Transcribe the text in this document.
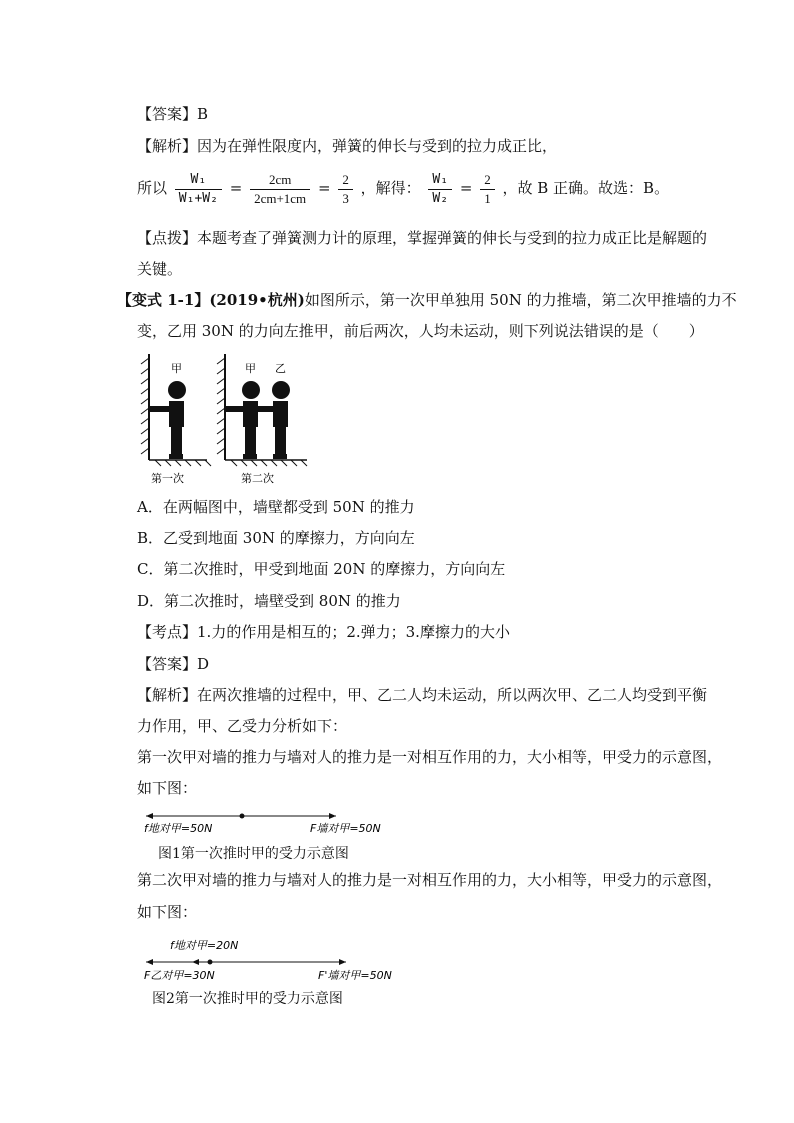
【答案】B
【解析】因为在弹性限度内，弹簧的伸长与受到的拉力成正比，
所以 $\frac{\text{W₁}}{\text{W₁+W₂}} = \frac{2cm}{2cm+1cm} = \frac{2}{3}$ ，解得： $\frac{\text{W₁}}{\text{W₂}} = \frac{2}{1}$ ，故 B 正确。故选：B。
【点拨】本题考查了弹簧测力计的原理，掌握弹簧的伸长与受到的拉力成正比是解题的
关键。
【变式 1-1】(2019•杭州)如图所示，第一次甲单独用 50N 的力推墙，第二次甲推墙的力不
变，乙用 30N 的力向左推甲，前后两次，人均未运动，则下列说法错误的是（　　）
甲	甲 乙
第一次	第二次
A．在两幅图中，墙壁都受到 50N 的推力
B．乙受到地面 30N 的摩擦力，方向向左
C．第二次推时，甲受到地面 20N 的摩擦力，方向向左
D．第二次推时，墙壁受到 80N 的推力
【考点】1.力的作用是相互的；2.弹力；3.摩擦力的大小
【答案】D
【解析】在两次推墙的过程中，甲、乙二人均未运动，所以两次甲、乙二人均受到平衡
力作用，甲、乙受力分析如下：
第一次甲对墙的推力与墙对人的推力是一对相互作用的力，大小相等，甲受力的示意图，
如下图：
f地对甲=50N	F墙对甲=50N
图1第一次推时甲的受力示意图
第二次甲对墙的推力与墙对人的推力是一对相互作用的力，大小相等，甲受力的示意图，
如下图：
f地对甲=20N
F乙对甲=30N	F'墙对甲=50N
图2第一次推时甲的受力示意图
